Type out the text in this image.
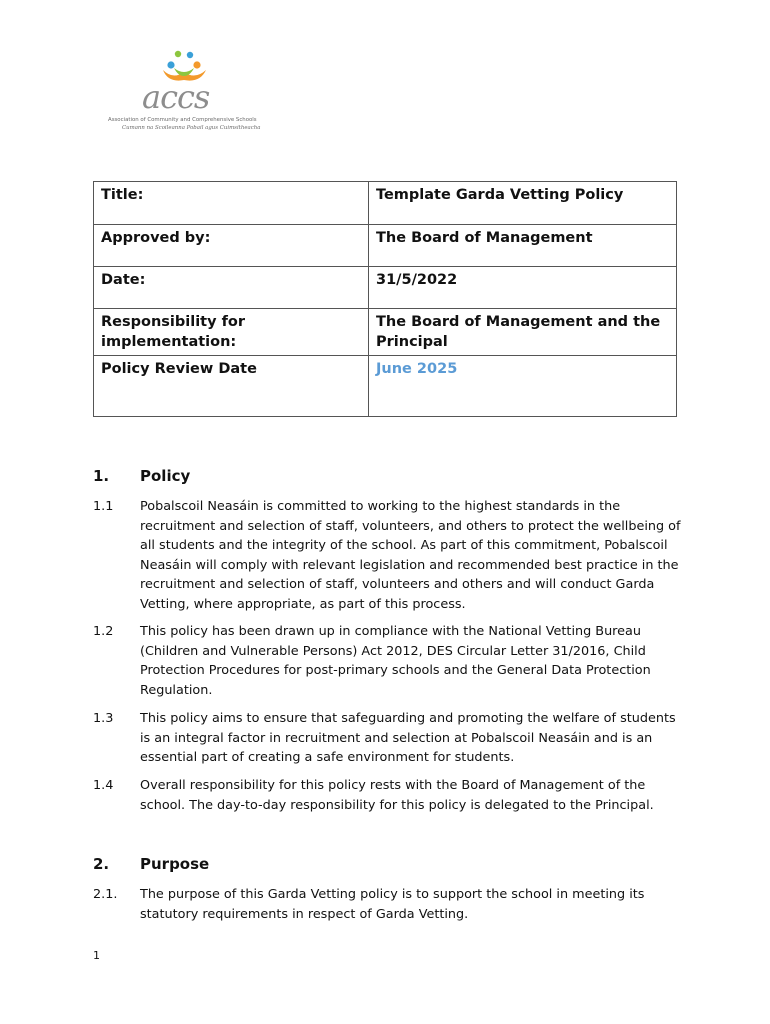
accs
Association of Community and Comprehensive Schools
Cumann na Scoileanna Pobail agus Cuimsitheacha
Title:	Template Garda Vetting Policy
Approved by:	The Board of Management
Date:	31/5/2022
Responsibility for implementation:	The Board of Management and the Principal
Policy Review Date	June 2025
1. Policy
1.1 Pobalscoil Neasáin is committed to working to the highest standards in the recruitment and selection of staff, volunteers, and others to protect the wellbeing of all students and the integrity of the school. As part of this commitment, Pobalscoil Neasáin will comply with relevant legislation and recommended best practice in the recruitment and selection of staff, volunteers and others and will conduct Garda Vetting, where appropriate, as part of this process.
1.2 This policy has been drawn up in compliance with the National Vetting Bureau (Children and Vulnerable Persons) Act 2012, DES Circular Letter 31/2016, Child Protection Procedures for post-primary schools and the General Data Protection Regulation.
1.3 This policy aims to ensure that safeguarding and promoting the welfare of students is an integral factor in recruitment and selection at Pobalscoil Neasáin and is an essential part of creating a safe environment for students.
1.4 Overall responsibility for this policy rests with the Board of Management of the school. The day-to-day responsibility for this policy is delegated to the Principal.
2. Purpose
2.1. The purpose of this Garda Vetting policy is to support the school in meeting its statutory requirements in respect of Garda Vetting.
1
